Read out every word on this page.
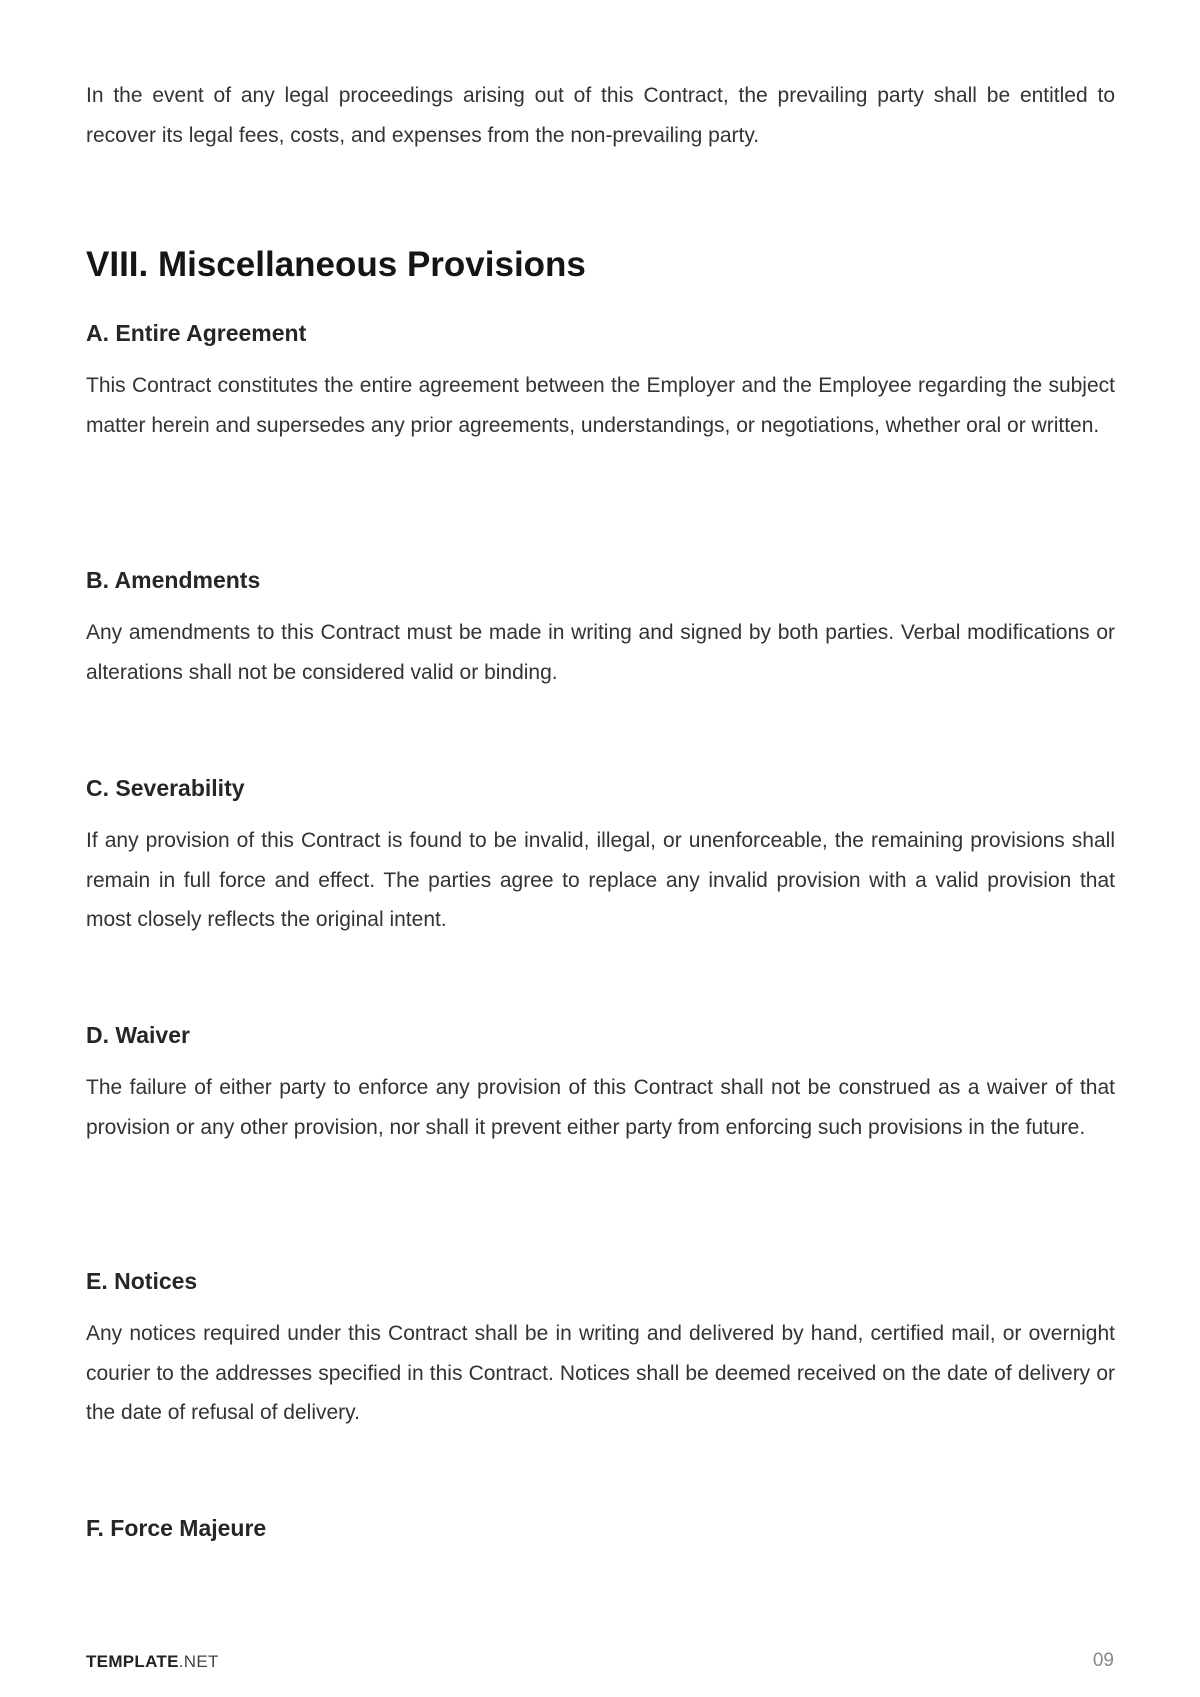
In the event of any legal proceedings arising out of this Contract, the prevailing party shall be entitled to recover its legal fees, costs, and expenses from the non-prevailing party.

VIII. Miscellaneous Provisions
A. Entire Agreement

This Contract constitutes the entire agreement between the Employer and the Employee regarding the subject matter herein and supersedes any prior agreements, understandings, or negotiations, whether oral or written.

B. Amendments

Any amendments to this Contract must be made in writing and signed by both parties. Verbal modifications or alterations shall not be considered valid or binding.

C. Severability

If any provision of this Contract is found to be invalid, illegal, or unenforceable, the remaining provisions shall remain in full force and effect. The parties agree to replace any invalid provision with a valid provision that most closely reflects the original intent.

D. Waiver

The failure of either party to enforce any provision of this Contract shall not be construed as a waiver of that provision or any other provision, nor shall it prevent either party from enforcing such provisions in the future.

E. Notices

Any notices required under this Contract shall be in writing and delivered by hand, certified mail, or overnight courier to the addresses specified in this Contract. Notices shall be deemed received on the date of delivery or the date of refusal of delivery.

F. Force Majeure
TEMPLATE.NET	09
